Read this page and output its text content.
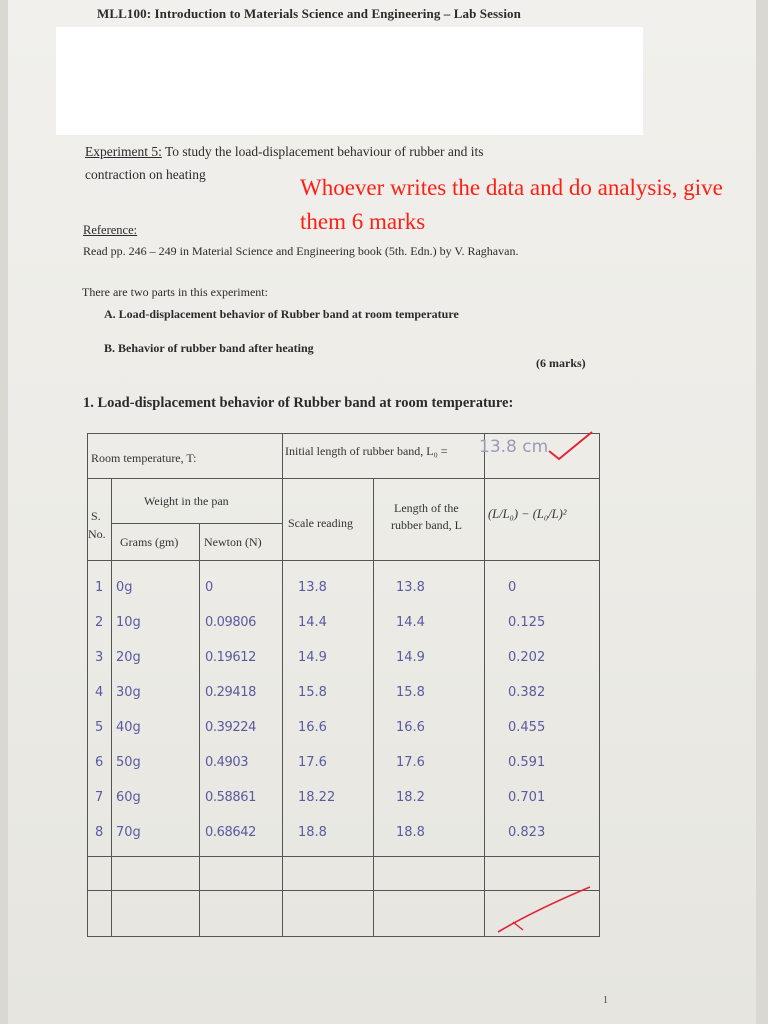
MLL100: Introduction to Materials Science and Engineering – Lab Session
Experiment 5: To study the load-displacement behaviour of rubber and its
contraction on heating
Whoever writes the data and do analysis, give
them 6 marks
Reference:
Read pp. 246 – 249 in Material Science and Engineering book (5th. Edn.) by V. Raghavan.
There are two parts in this experiment:
A. Load-displacement behavior of Rubber band at room temperature
B. Behavior of rubber band after heating
(6 marks)
1. Load-displacement behavior of Rubber band at room temperature:
Room temperature, T:	Initial length of rubber band, L₀ = 13.8 cm
S.
No.
Weight in the pan
Grams (gm) Newton (N)
Scale reading
Length of the
rubber band, L
(L/L₀) − (L₀/L)²
1 0g	0	13.8	13.8	0
2 10g	0.09806	14.4	14.4	0.125
3 20g	0.19612	14.9	14.9	0.202
4 30g	0.29418	15.8	15.8	0.382
5 40g	0.39224	16.6	16.6	0.455
6 50g	0.4903	17.6	17.6	0.591
7 60g	0.58861	18.22	18.2	0.701
8 70g	0.68642	18.8	18.8	0.823
1
